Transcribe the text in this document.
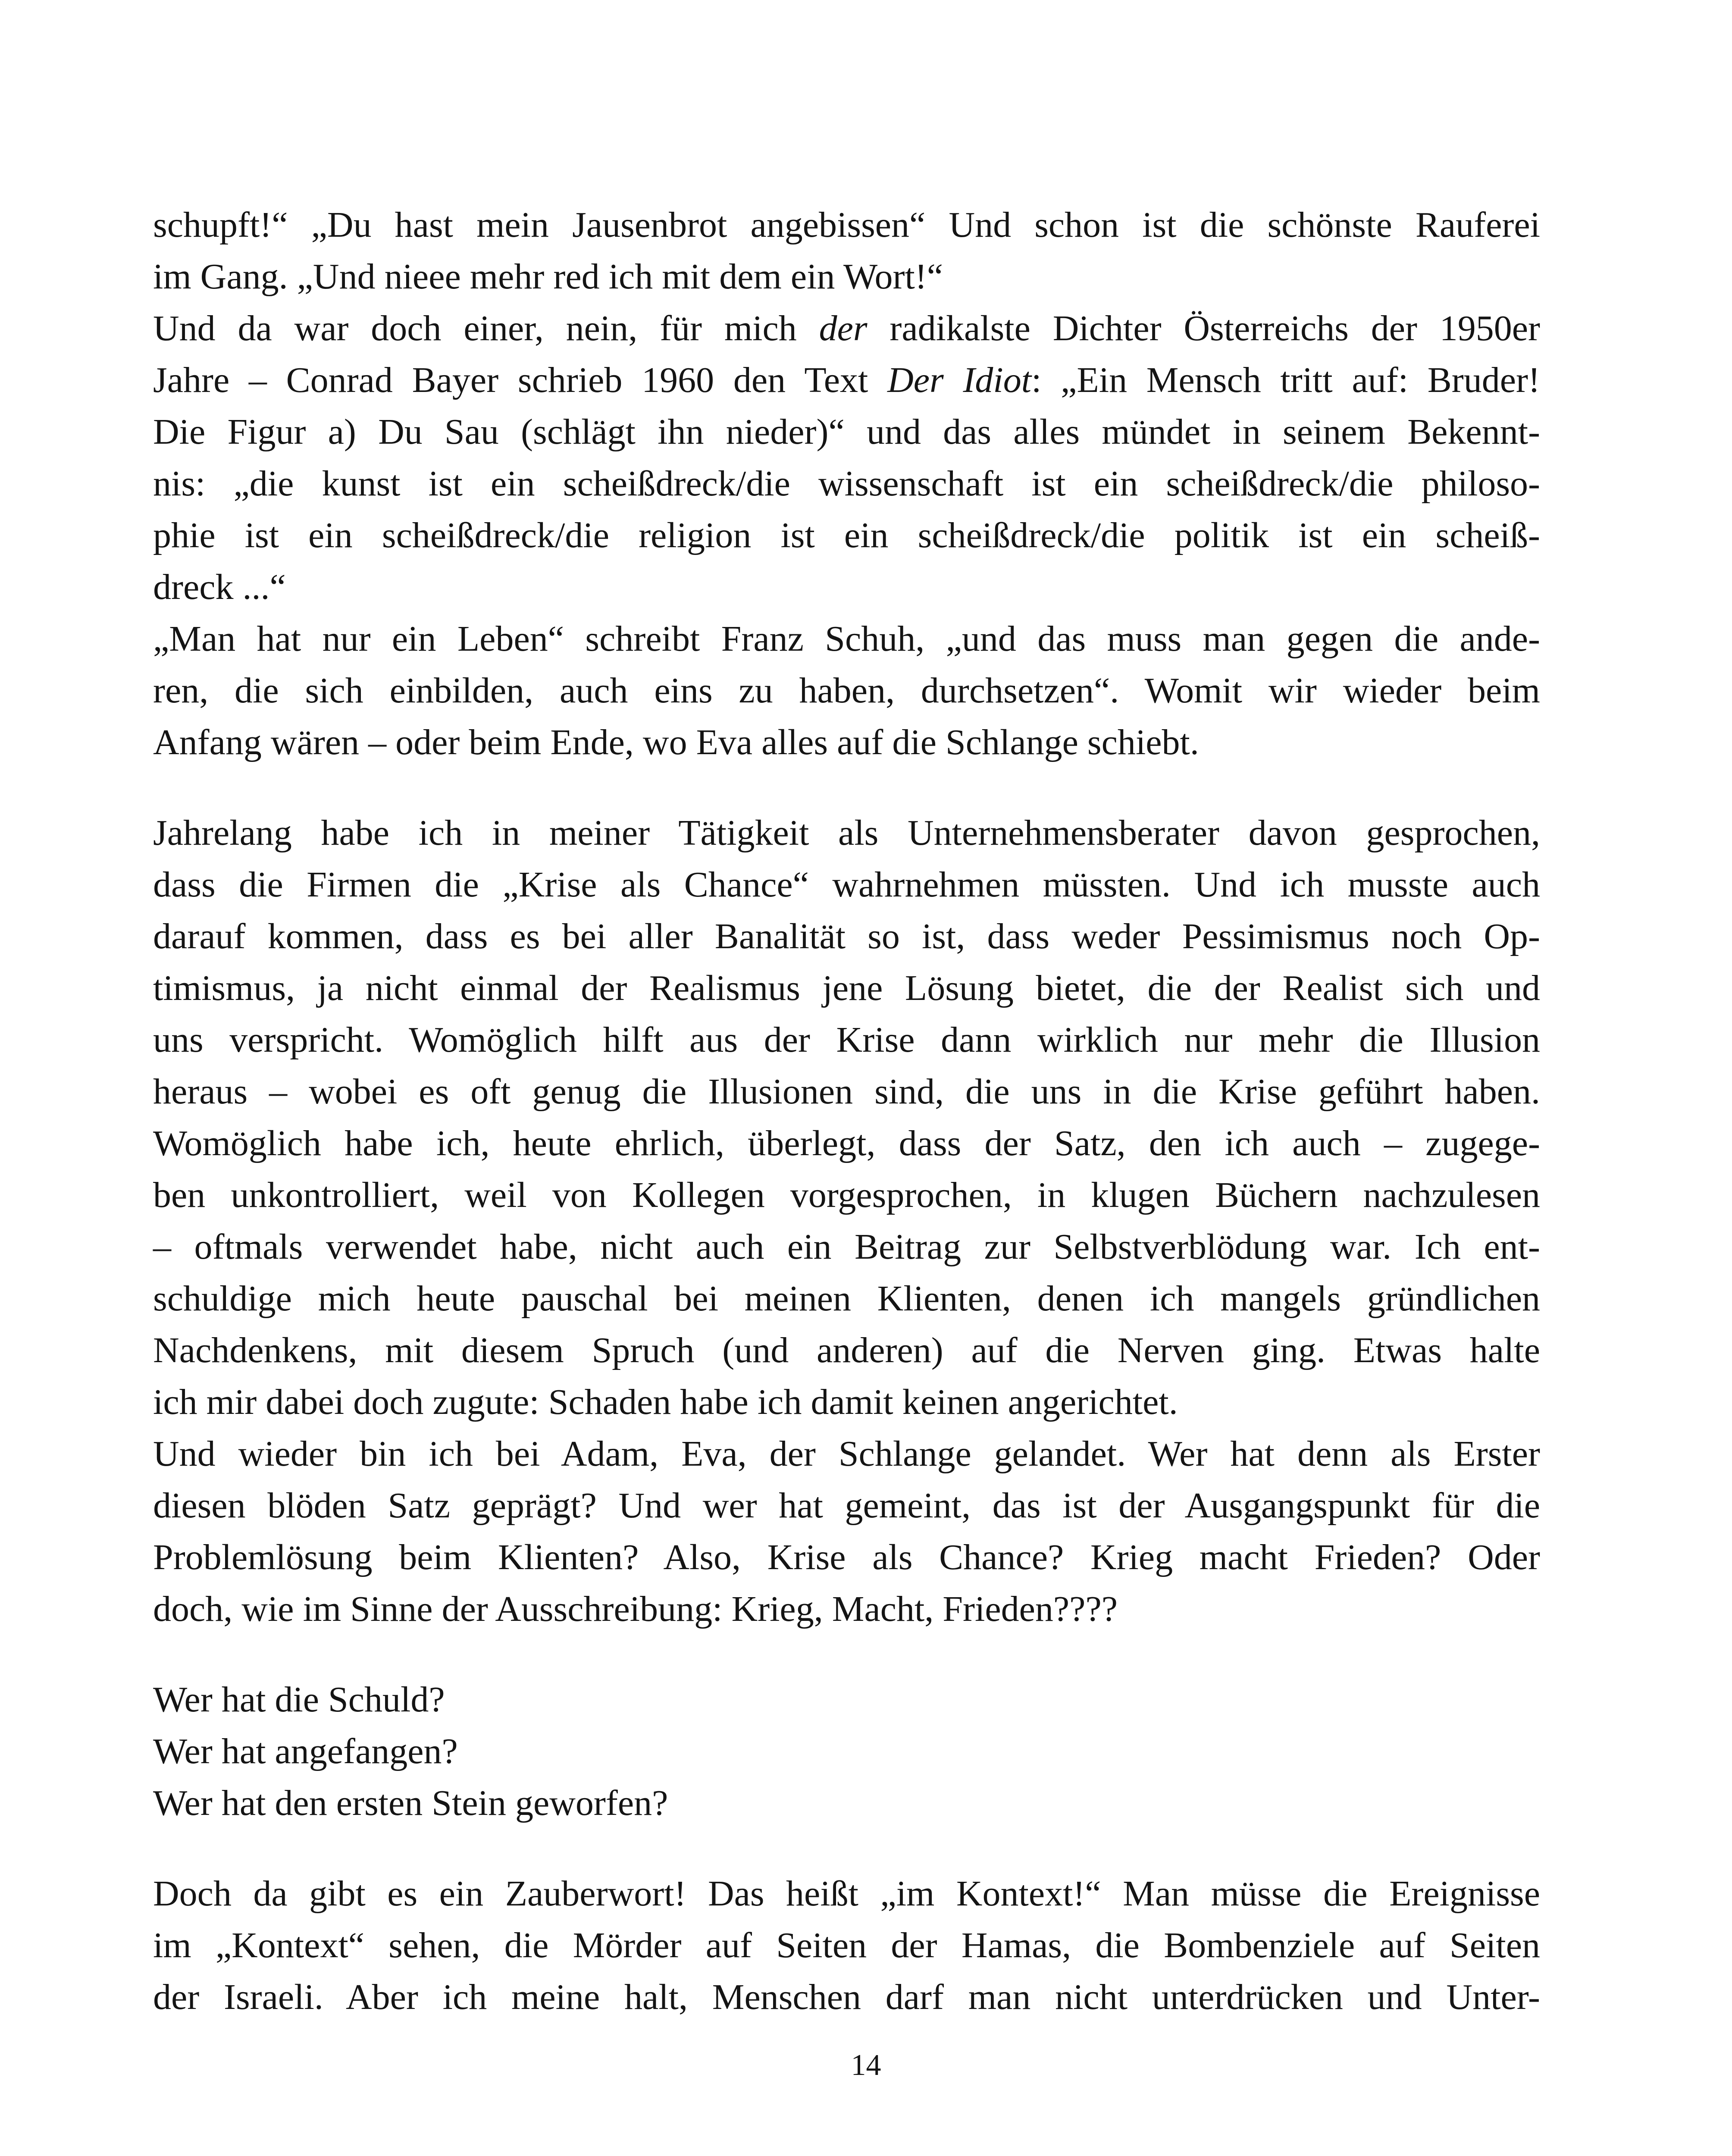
schupft!“ „Du hast mein Jausenbrot angebissen“ Und schon ist die schönste Rauferei
im Gang. „Und nieee mehr red ich mit dem ein Wort!“
Und da war doch einer, nein, für mich der radikalste Dichter Österreichs der 1950er
Jahre – Conrad Bayer schrieb 1960 den Text Der Idiot: „Ein Mensch tritt auf: Bruder!
Die Figur a) Du Sau (schlägt ihn nieder)“ und das alles mündet in seinem Bekennt-
nis: „die kunst ist ein scheißdreck/die wissenschaft ist ein scheißdreck/die philoso-
phie ist ein scheißdreck/die religion ist ein scheißdreck/die politik ist ein scheiß-
dreck ...“
„Man hat nur ein Leben“ schreibt Franz Schuh, „und das muss man gegen die ande-
ren, die sich einbilden, auch eins zu haben, durchsetzen“. Womit wir wieder beim
Anfang wären – oder beim Ende, wo Eva alles auf die Schlange schiebt.
Jahrelang habe ich in meiner Tätigkeit als Unternehmensberater davon gesprochen,
dass die Firmen die „Krise als Chance“ wahrnehmen müssten. Und ich musste auch
darauf kommen, dass es bei aller Banalität so ist, dass weder Pessimismus noch Op-
timismus, ja nicht einmal der Realismus jene Lösung bietet, die der Realist sich und
uns verspricht. Womöglich hilft aus der Krise dann wirklich nur mehr die Illusion
heraus – wobei es oft genug die Illusionen sind, die uns in die Krise geführt haben.
Womöglich habe ich, heute ehrlich, überlegt, dass der Satz, den ich auch – zugege-
ben unkontrolliert, weil von Kollegen vorgesprochen, in klugen Büchern nachzulesen
– oftmals verwendet habe, nicht auch ein Beitrag zur Selbstverblödung war. Ich ent-
schuldige mich heute pauschal bei meinen Klienten, denen ich mangels gründlichen
Nachdenkens, mit diesem Spruch (und anderen) auf die Nerven ging. Etwas halte
ich mir dabei doch zugute: Schaden habe ich damit keinen angerichtet.
Und wieder bin ich bei Adam, Eva, der Schlange gelandet. Wer hat denn als Erster
diesen blöden Satz geprägt? Und wer hat gemeint, das ist der Ausgangspunkt für die
Problemlösung beim Klienten? Also, Krise als Chance? Krieg macht Frieden? Oder
doch, wie im Sinne der Ausschreibung: Krieg, Macht, Frieden????
Wer hat die Schuld?
Wer hat angefangen?
Wer hat den ersten Stein geworfen?
Doch da gibt es ein Zauberwort! Das heißt „im Kontext!“ Man müsse die Ereignisse
im „Kontext“ sehen, die Mörder auf Seiten der Hamas, die Bombenziele auf Seiten
der Israeli. Aber ich meine halt, Menschen darf man nicht unterdrücken und Unter-
14
